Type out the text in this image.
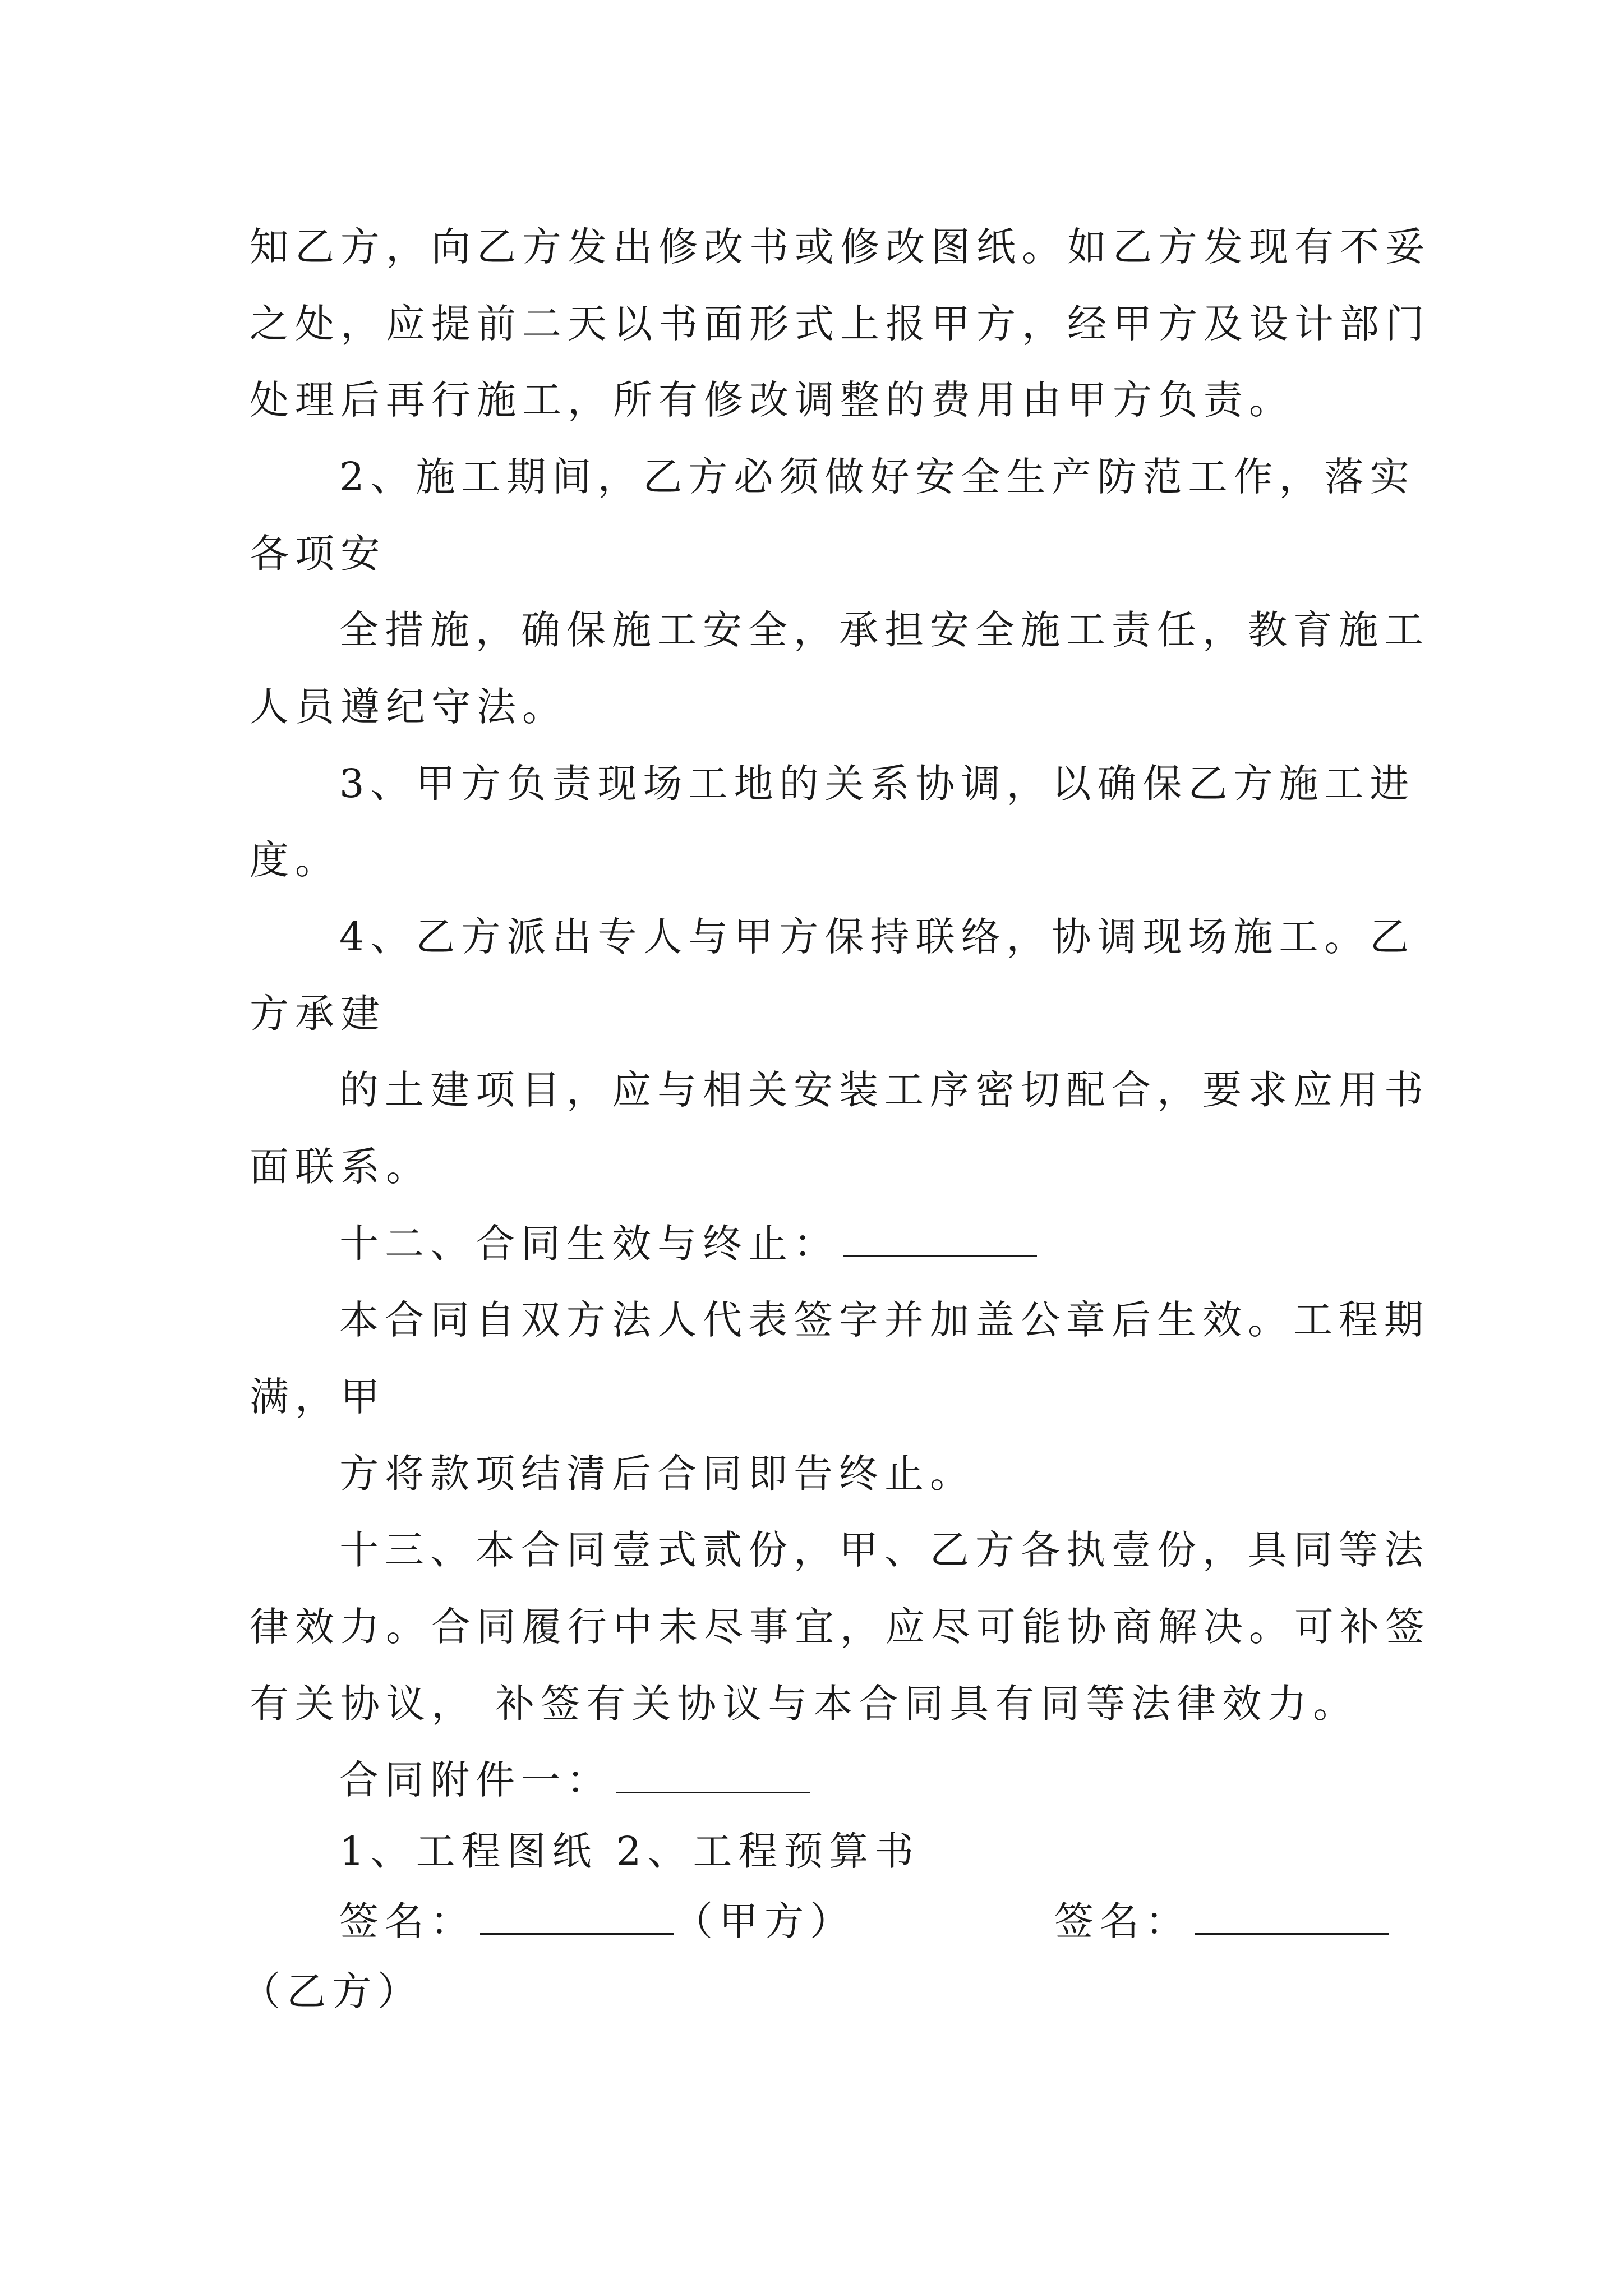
知乙方，向乙方发出修改书或修改图纸。如乙方发现有不妥
之处，应提前二天以书面形式上报甲方，经甲方及设计部门
处理后再行施工，所有修改调整的费用由甲方负责。
2、施工期间，乙方必须做好安全生产防范工作，落实
各项安
全措施，确保施工安全，承担安全施工责任，教育施工
人员遵纪守法。
3、甲方负责现场工地的关系协调，以确保乙方施工进
度。
4、乙方派出专人与甲方保持联络，协调现场施工。乙
方承建
的土建项目，应与相关安装工序密切配合，要求应用书
面联系。
十二、合同生效与终止：
本合同自双方法人代表签字并加盖公章后生效。工程期
满，甲
方将款项结清后合同即告终止。
十三、本合同壹式贰份，甲、乙方各执壹份，具同等法
律效力。合同履行中未尽事宜，应尽可能协商解决。可补签
有关协议， 补签有关协议与本合同具有同等法律效力。
合同附件一：
1、工程图纸 2、工程预算书
签名：	（甲方）	签名：
（乙方）
